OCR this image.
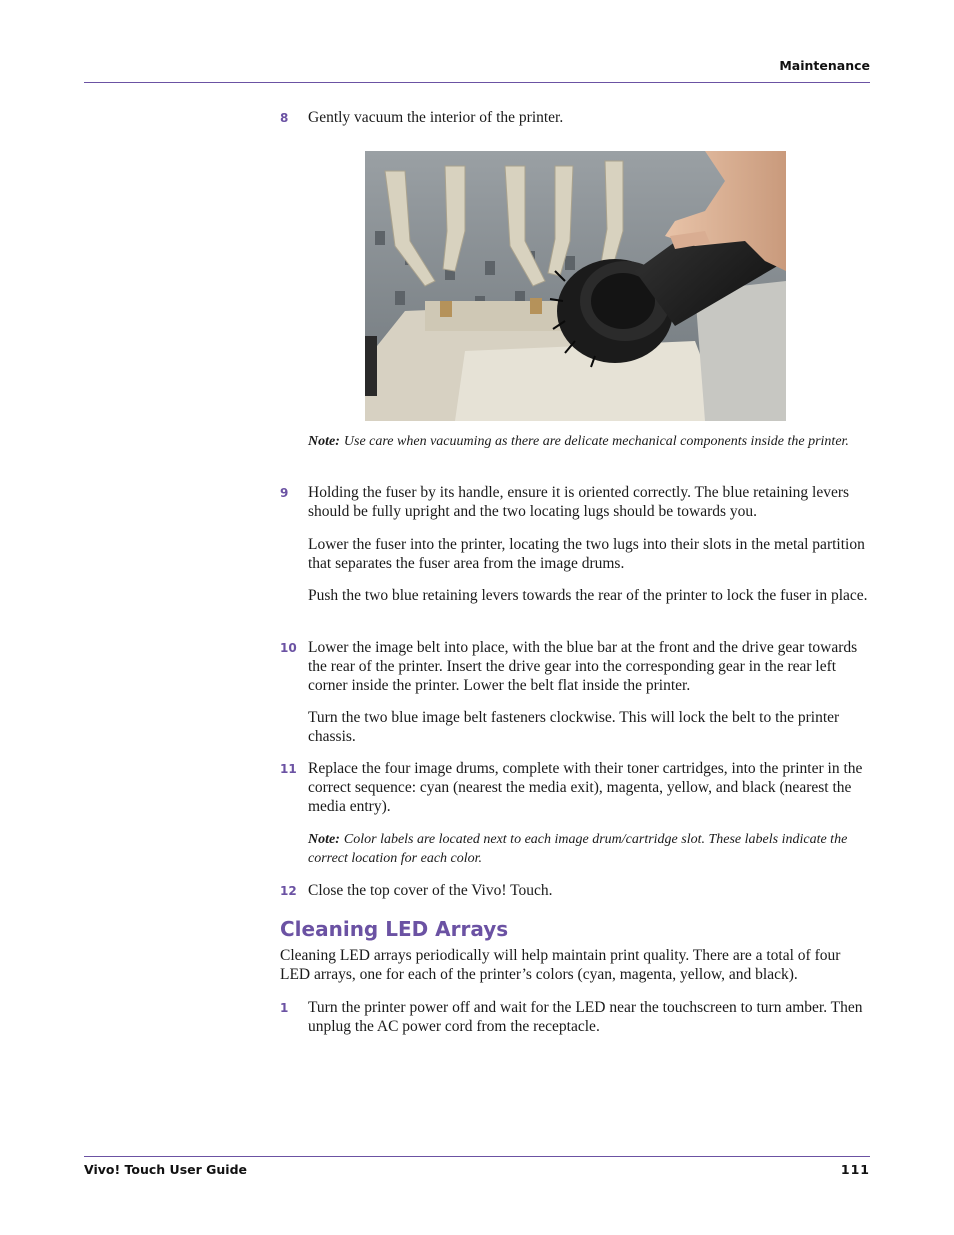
Maintenance
8 Gently vacuum the interior of the printer.
Note: Use care when vacuuming as there are delicate mechanical components inside the printer.
9 Holding the fuser by its handle, ensure it is oriented correctly. The blue retaining levers should be fully upright and the two locating lugs should be towards you.
Lower the fuser into the printer, locating the two lugs into their slots in the metal partition that separates the fuser area from the image drums.
Push the two blue retaining levers towards the rear of the printer to lock the fuser in place.
10 Lower the image belt into place, with the blue bar at the front and the drive gear towards the rear of the printer. Insert the drive gear into the corresponding gear in the rear left corner inside the printer. Lower the belt flat inside the printer.
Turn the two blue image belt fasteners clockwise. This will lock the belt to the printer chassis.
11 Replace the four image drums, complete with their toner cartridges, into the printer in the correct sequence: cyan (nearest the media exit), magenta, yellow, and black (nearest the media entry).
Note: Color labels are located next to each image drum/cartridge slot. These labels indicate the correct location for each color.
12 Close the top cover of the Vivo! Touch.
Cleaning LED Arrays
Cleaning LED arrays periodically will help maintain print quality. There are a total of four LED arrays, one for each of the printer’s colors (cyan, magenta, yellow, and black).
1 Turn the printer power off and wait for the LED near the touchscreen to turn amber. Then unplug the AC power cord from the receptacle.
Vivo! Touch User Guide	111
